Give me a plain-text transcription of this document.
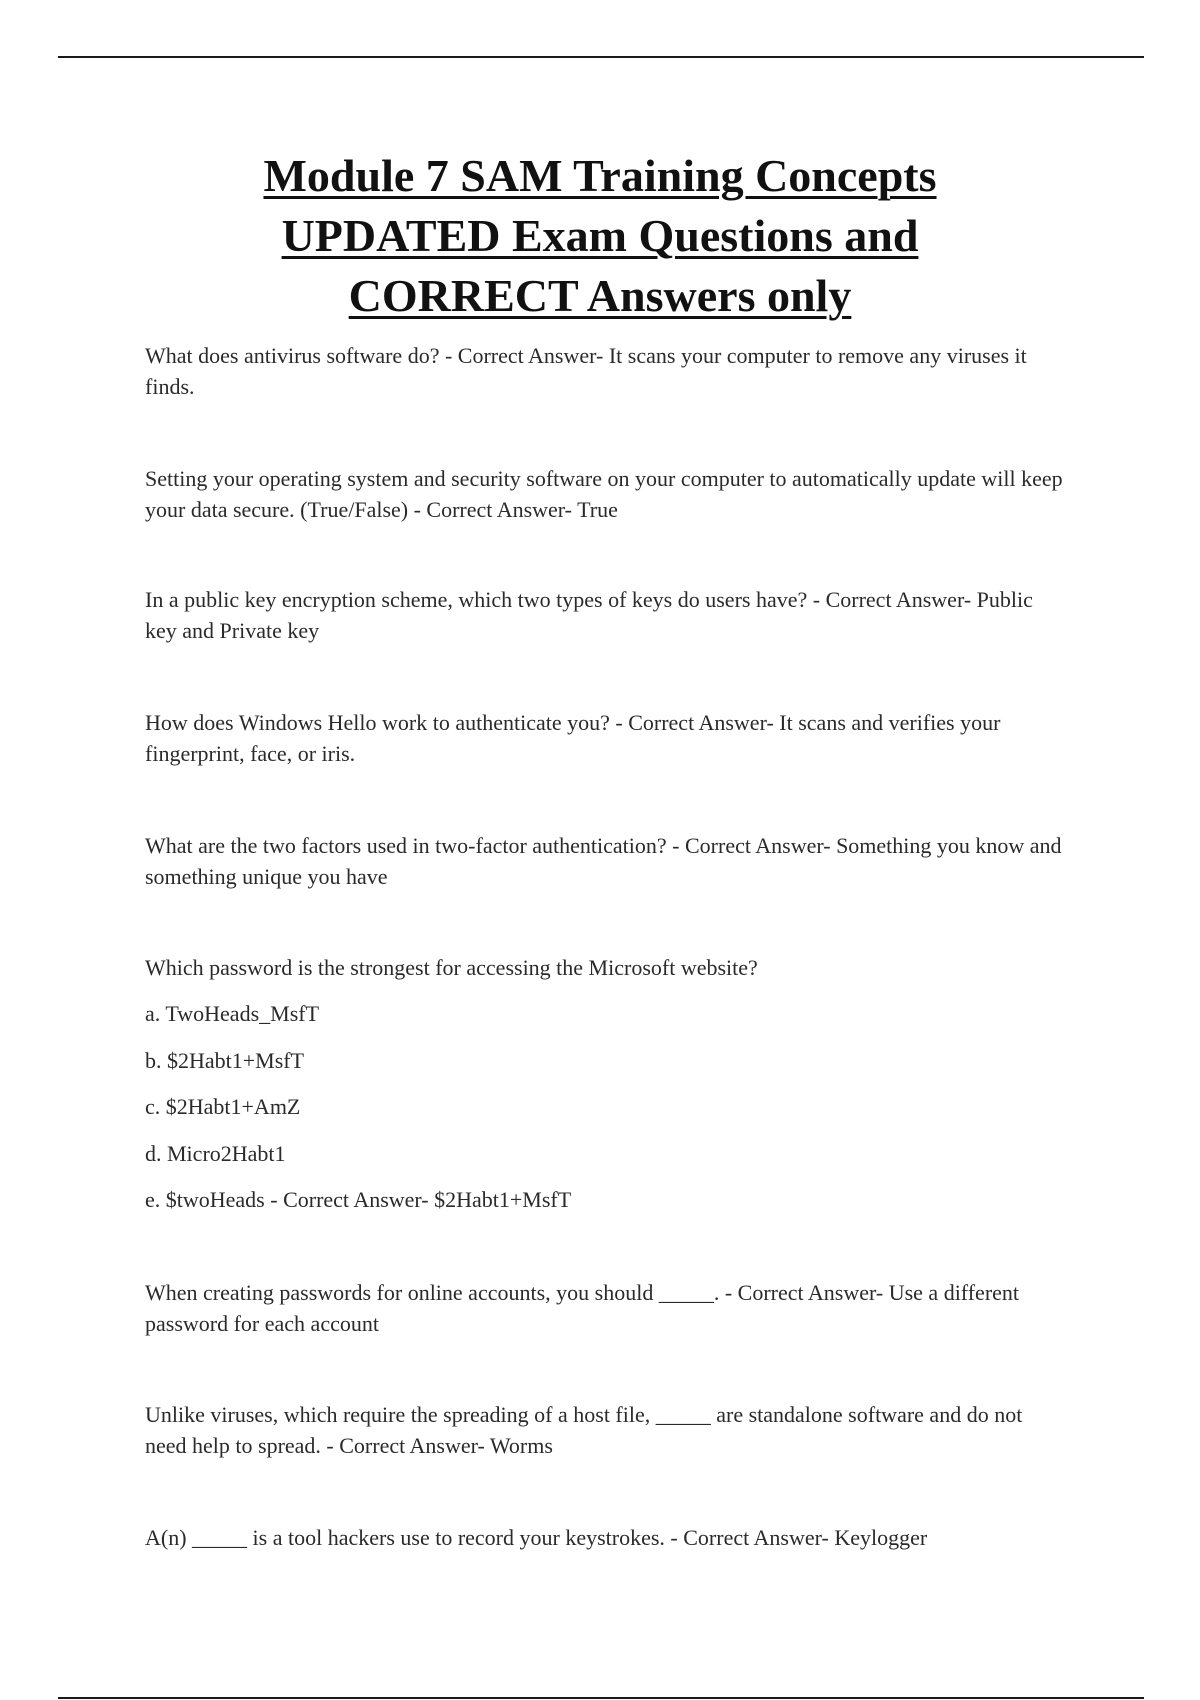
Module 7 SAM Training Concepts
UPDATED Exam Questions and
CORRECT Answers only

What does antivirus software do? - Correct Answer- It scans your computer to remove any viruses it finds.

Setting your operating system and security software on your computer to automatically update will keep your data secure. (True/False) - Correct Answer- True

In a public key encryption scheme, which two types of keys do users have? - Correct Answer- Public key and Private key

How does Windows Hello work to authenticate you? - Correct Answer- It scans and verifies your fingerprint, face, or iris.

What are the two factors used in two-factor authentication? - Correct Answer- Something you know and something unique you have

Which password is the strongest for accessing the Microsoft website?

a. TwoHeads_MsfT

b. $2Habt1+MsfT

c. $2Habt1+AmZ

d. Micro2Habt1

e. $twoHeads - Correct Answer- $2Habt1+MsfT

When creating passwords for online accounts, you should _____. - Correct Answer- Use a different password for each account

Unlike viruses, which require the spreading of a host file, _____ are standalone software and do not need help to spread. - Correct Answer- Worms

A(n) _____ is a tool hackers use to record your keystrokes. - Correct Answer- Keylogger
